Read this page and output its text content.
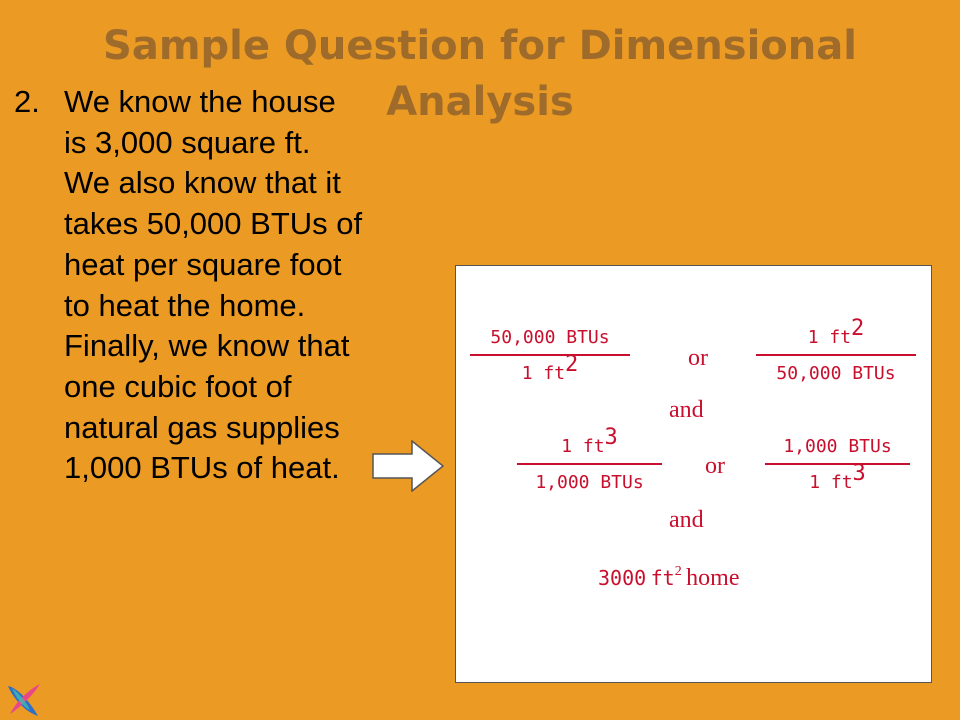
Sample Question for Dimensional
Analysis
2. We know the house is 3,000 square ft. We also know that it takes 50,000 BTUs of heat per square foot to heat the home. Finally, we know that one cubic foot of natural gas supplies 1,000 BTUs of heat.
50,000 BTUs
1 $ft^2$	or
1 $ft^2$
50,000 BTUs
and
1 $ft^3$
1,000 BTUs
or
1,000 BTUs
1 $ft^3$
and
3000 $ft^2$ home
